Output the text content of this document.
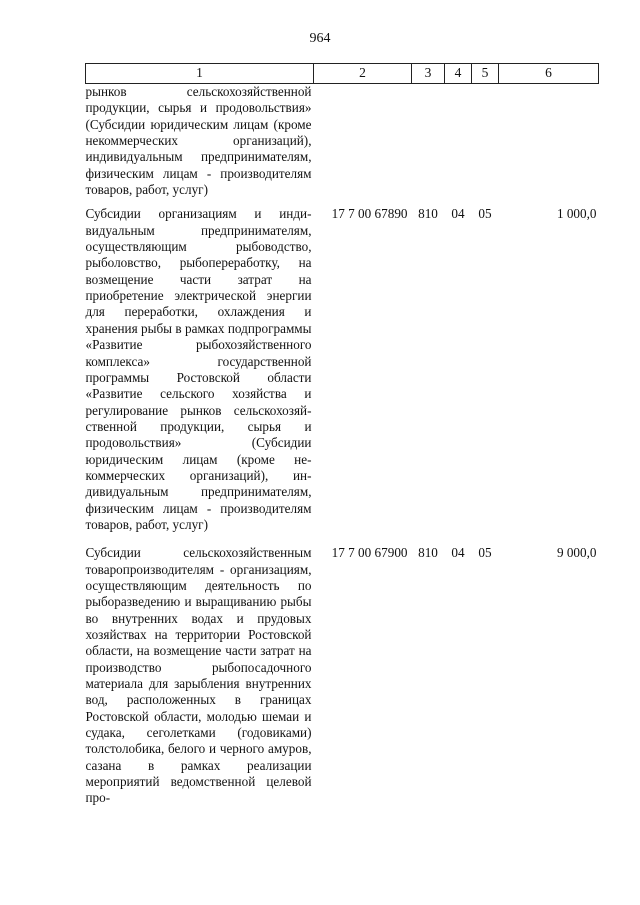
964
1	2	3	4	5	6
рынков сельскохозяйственной продукции, сырья и продовольствия» (Субсидии юридическим лицам (кроме некоммерческих организаций), индивидуальным предпринимателям, физическим лицам - производителям товаров, работ, услуг)					
Субсидии организациям и индивидуальным предпринимателям, осуществляющим рыбоводство, рыболовство, рыбопереработку, на возмещение части затрат на приобретение электрической энергии для переработки, охлаждения и хранения рыбы в рамках подпрограммы «Развитие рыбохозяйственного комплекса» государственной программы Ростовской области «Развитие сельского хозяйства и регулирование рынков сельскохозяйственной продукции, сырья и продовольствия» (Субсидии юридическим лицам (кроме некоммерческих организаций), индивидуальным предпринимателям, физическим лицам - производителям товаров, работ, услуг)	17 7 00 67890	810	04	05	1 000,0
Субсидии сельскохозяйственным товаропроизводителям - организациям, осуществляющим деятельность по рыборазведению и выращиванию рыбы во внутренних водах и прудовых хозяйствах на территории Ростовской области, на возмещение части затрат на производство рыбопосадочного материала для зарыбления внутренних вод, расположенных в границах Ростовской области, молодью шемаи и судака, сеголетками (годовиками) толстолобика, белого и черного амуров, сазана в рамках реализации мероприятий ведомственной целевой про-	17 7 00 67900	810	04	05	9 000,0
